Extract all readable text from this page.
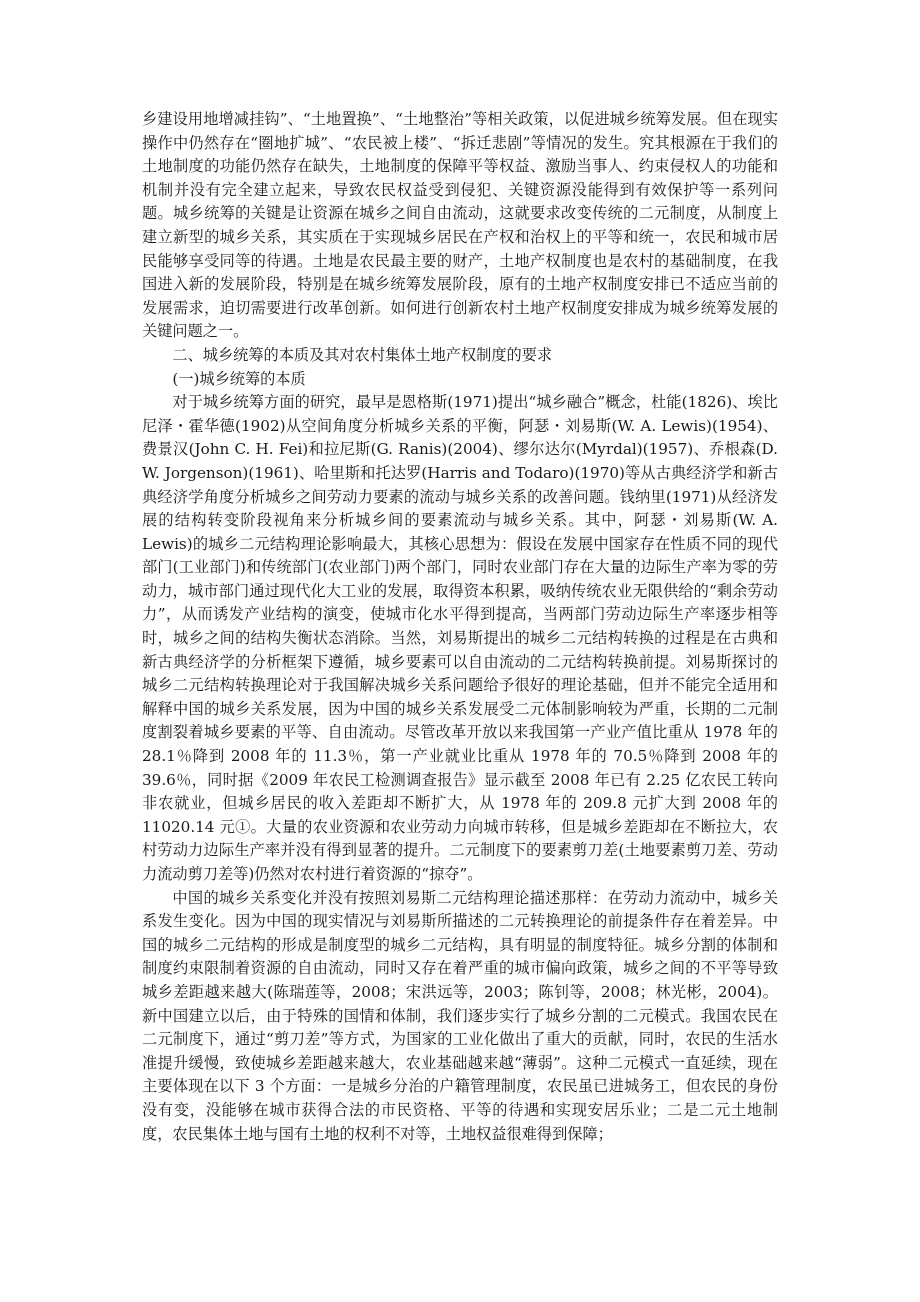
乡建设用地增减挂钩”、“土地置换”、“土地整治”等相关政策，以促进城乡统筹发展。但在现实操作中仍然存在“圈地扩城”、“农民被上楼”、“拆迁悲剧”等情况的发生。究其根源在于我们的土地制度的功能仍然存在缺失，土地制度的保障平等权益、激励当事人、约束侵权人的功能和机制并没有完全建立起来，导致农民权益受到侵犯、关键资源没能得到有效保护等一系列问题。城乡统筹的关键是让资源在城乡之间自由流动，这就要求改变传统的二元制度，从制度上建立新型的城乡关系，其实质在于实现城乡居民在产权和治权上的平等和统一，农民和城市居民能够享受同等的待遇。土地是农民最主要的财产，土地产权制度也是农村的基础制度，在我国进入新的发展阶段，特别是在城乡统筹发展阶段，原有的土地产权制度安排已不适应当前的发展需求，迫切需要进行改革创新。如何进行创新农村土地产权制度安排成为城乡统筹发展的关键问题之一。

二、城乡统筹的本质及其对农村集体土地产权制度的要求

(一)城乡统筹的本质

对于城乡统筹方面的研究，最早是恩格斯(1971)提出“城乡融合”概念，杜能(1826)、埃比尼泽・霍华德(1902)从空间角度分析城乡关系的平衡，阿瑟・刘易斯(W. A. Lewis)(1954)、费景汉(John C. H. Fei)和拉尼斯(G. Ranis)(2004)、缪尔达尔(Myrdal)(1957)、乔根森(D. W. Jorgenson)(1961)、哈里斯和托达罗(Harris and Todaro)(1970)等从古典经济学和新古典经济学角度分析城乡之间劳动力要素的流动与城乡关系的改善问题。钱纳里(1971)从经济发展的结构转变阶段视角来分析城乡间的要素流动与城乡关系。其中，阿瑟・刘易斯(W. A. Lewis)的城乡二元结构理论影响最大，其核心思想为：假设在发展中国家存在性质不同的现代部门(工业部门)和传统部门(农业部门)两个部门，同时农业部门存在大量的边际生产率为零的劳动力，城市部门通过现代化大工业的发展，取得资本积累，吸纳传统农业无限供给的“剩余劳动力”，从而诱发产业结构的演变，使城市化水平得到提高，当两部门劳动边际生产率逐步相等时，城乡之间的结构失衡状态消除。当然，刘易斯提出的城乡二元结构转换的过程是在古典和新古典经济学的分析框架下遵循，城乡要素可以自由流动的二元结构转换前提。刘易斯探讨的城乡二元结构转换理论对于我国解决城乡关系问题给予很好的理论基础，但并不能完全适用和解释中国的城乡关系发展，因为中国的城乡关系发展受二元体制影响较为严重，长期的二元制度割裂着城乡要素的平等、自由流动。尽管改革开放以来我国第一产业产值比重从 1978 年的 28.1％降到 2008 年的 11.3％，第一产业就业比重从 1978 年的 70.5％降到 2008 年的 39.6％，同时据《2009 年农民工检测调查报告》显示截至 2008 年已有 2.25 亿农民工转向非农就业，但城乡居民的收入差距却不断扩大，从 1978 年的 209.8 元扩大到 2008 年的 11020.14 元①。大量的农业资源和农业劳动力向城市转移，但是城乡差距却在不断拉大，农村劳动力边际生产率并没有得到显著的提升。二元制度下的要素剪刀差(土地要素剪刀差、劳动力流动剪刀差等)仍然对农村进行着资源的“掠夺”。

中国的城乡关系变化并没有按照刘易斯二元结构理论描述那样：在劳动力流动中，城乡关系发生变化。因为中国的现实情况与刘易斯所描述的二元转换理论的前提条件存在着差异。中国的城乡二元结构的形成是制度型的城乡二元结构，具有明显的制度特征。城乡分割的体制和制度约束限制着资源的自由流动，同时又存在着严重的城市偏向政策，城乡之间的不平等导致城乡差距越来越大(陈瑞莲等，2008；宋洪远等，2003；陈钊等，2008；林光彬，2004)。新中国建立以后，由于特殊的国情和体制，我们逐步实行了城乡分割的二元模式。我国农民在二元制度下，通过“剪刀差”等方式，为国家的工业化做出了重大的贡献，同时，农民的生活水准提升缓慢，致使城乡差距越来越大，农业基础越来越“薄弱”。这种二元模式一直延续，现在主要体现在以下 3 个方面：一是城乡分治的户籍管理制度，农民虽已进城务工，但农民的身份没有变，没能够在城市获得合法的市民资格、平等的待遇和实现安居乐业；二是二元土地制度，农民集体土地与国有土地的权利不对等，土地权益很难得到保障；
